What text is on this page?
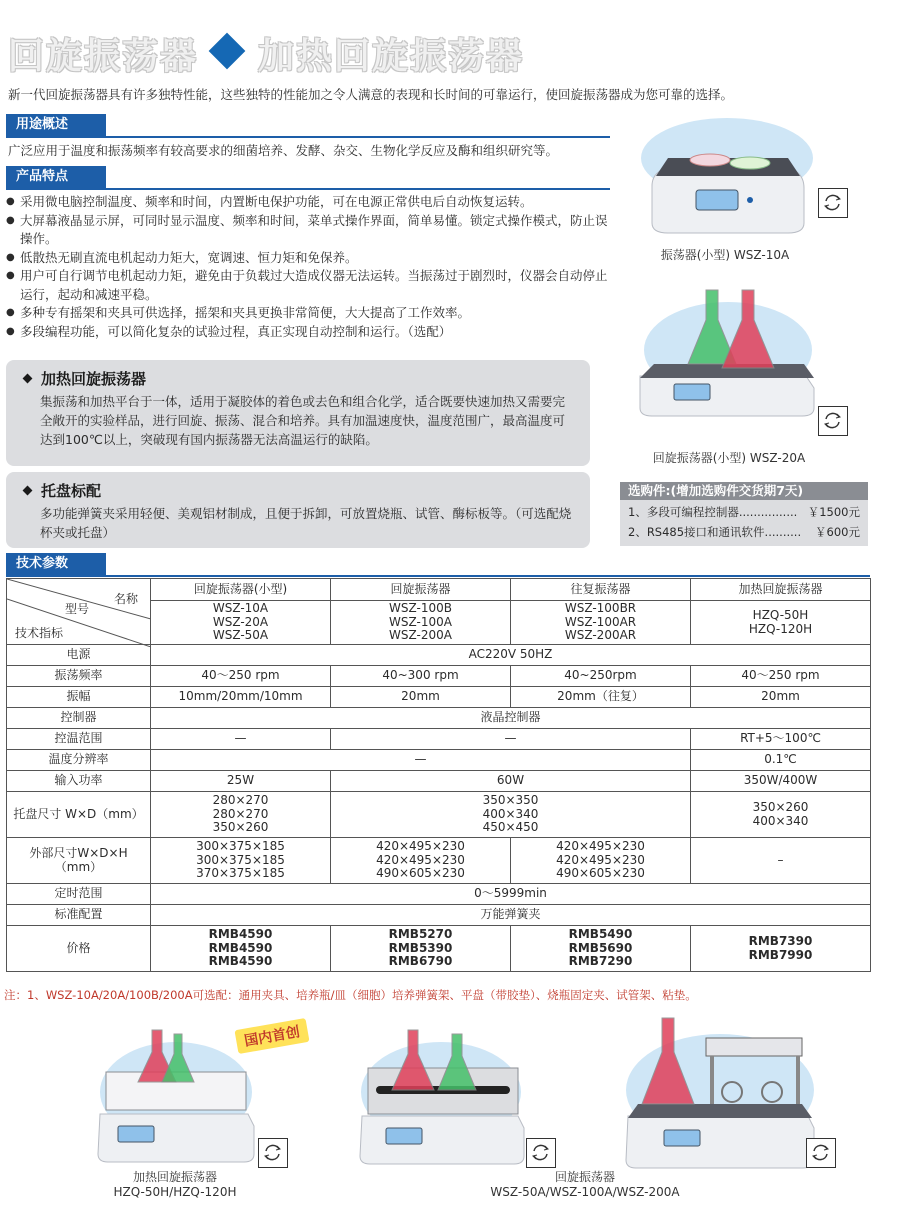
回旋振荡器 加热回旋振荡器
新一代回旋振荡器具有许多独特性能，这些独特的性能加之令人满意的表现和长时间的可靠运行，使回旋振荡器成为您可靠的选择。
用途概述
广泛应用于温度和振荡频率有较高要求的细菌培养、发酵、杂交、生物化学反应及酶和组织研究等。
产品特点
● 采用微电脑控制温度、频率和时间，内置断电保护功能，可在电源正常供电后自动恢复运转。
● 大屏幕液晶显示屏，可同时显示温度、频率和时间，菜单式操作界面，简单易懂。锁定式操作模式，防止误操作。
● 低散热无刷直流电机起动力矩大，宽调速、恒力矩和免保养。
● 用户可自行调节电机起动力矩，避免由于负载过大造成仪器无法运转。当振荡过于剧烈时，仪器会自动停止运行，起动和减速平稳。
● 多种专有摇架和夹具可供选择，摇架和夹具更换非常简便，大大提高了工作效率。
● 多段编程功能，可以简化复杂的试验过程，真正实现自动控制和运行。（选配）
加热回旋振荡器
集振荡和加热平台于一体，适用于凝胶体的着色或去色和组合化学，适合既要快速加热又需要完全敞开的实验样品，进行回旋、振荡、混合和培养。具有加温速度快，温度范围广，最高温度可达到100℃以上，突破现有国内振荡器无法高温运行的缺陷。
托盘标配
多功能弹簧夹采用轻便、美观铝材制成，且便于拆卸，可放置烧瓶、试管、酶标板等。（可选配烧杯夹或托盘）
振荡器(小型) WSZ-10A
回旋振荡器(小型) WSZ-20A
选购件:(增加选购件交货期7天)
1、多段可编程控制器................ ￥1500元
2、RS485接口和通讯软件.......... ￥600元
技术参数
名称
型号
技术指标	回旋振荡器(小型)	回旋振荡器	往复振荡器	加热回旋振荡器
	WSZ-10A
WSZ-20A
WSZ-50A	WSZ-100B
WSZ-100A
WSZ-200A	WSZ-100BR
WSZ-100AR
WSZ-200AR	HZQ-50H
HZQ-120H
电源	AC220V 50HZ			
振荡频率	40～250 rpm	40~300 rpm	40~250rpm	40～250 rpm
振幅	10mm/20mm/10mm	20mm	20mm（往复）	20mm
控制器	液晶控制器			
控温范围	—	—		RT+5～100℃
温度分辨率	—			0.1℃
输入功率	25W	60W		350W/400W
托盘尺寸 W×D（mm）	280×270
280×270
350×260	350×350
400×340
450×450		350×260
400×340
外部尺寸W×D×H
（mm）	300×375×185
300×375×185
370×375×185	420×495×230
420×495×230
490×605×230	420×495×230
420×495×230
490×605×230	–
定时范围	0～5999min			
标准配置	万能弹簧夹			
价格	RMB4590
RMB4590
RMB4590	RMB5270
RMB5390
RMB6790	RMB5490
RMB5690
RMB7290	RMB7390
RMB7990
注：1、WSZ-10A/20A/100B/200A可选配：通用夹具、培养瓶/皿（细胞）培养弹簧架、平盘（带胶垫）、烧瓶固定夹、试管架、粘垫。
国内首创
加热回旋振荡器
HZQ-50H/HZQ-120H
回旋振荡器
WSZ-50A/WSZ-100A/WSZ-200A
